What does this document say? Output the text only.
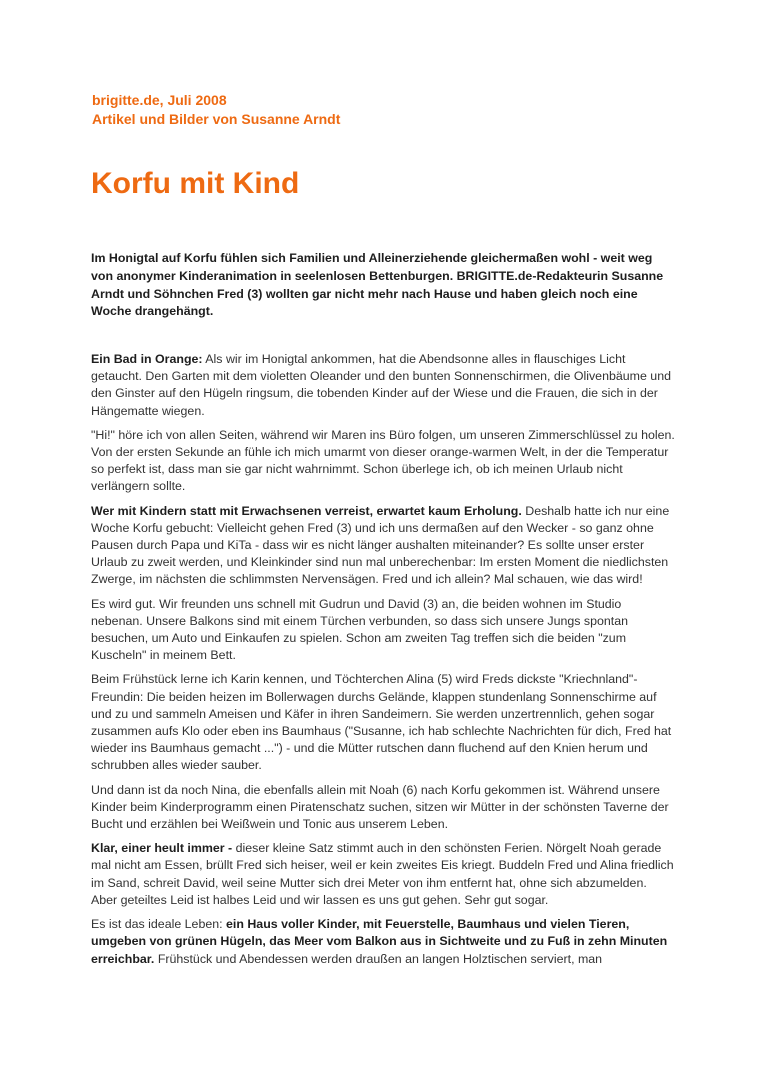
brigitte.de, Juli 2008
Artikel und Bilder von Susanne Arndt
Korfu mit Kind

Im Honigtal auf Korfu fühlen sich Familien und Alleinerziehende gleichermaßen wohl - weit weg von anonymer Kinderanimation in seelenlosen Bettenburgen. BRIGITTE.de-Redakteurin Susanne Arndt und Söhnchen Fred (3) wollten gar nicht mehr nach Hause und haben gleich noch eine Woche drangehängt.

Ein Bad in Orange: Als wir im Honigtal ankommen, hat die Abendsonne alles in flauschiges Licht getaucht. Den Garten mit dem violetten Oleander und den bunten Sonnenschirmen, die Olivenbäume und den Ginster auf den Hügeln ringsum, die tobenden Kinder auf der Wiese und die Frauen, die sich in der Hängematte wiegen.

"Hi!" höre ich von allen Seiten, während wir Maren ins Büro folgen, um unseren Zimmerschlüssel zu holen. Von der ersten Sekunde an fühle ich mich umarmt von dieser orange-warmen Welt, in der die Temperatur so perfekt ist, dass man sie gar nicht wahrnimmt. Schon überlege ich, ob ich meinen Urlaub nicht verlängern sollte.

Wer mit Kindern statt mit Erwachsenen verreist, erwartet kaum Erholung. Deshalb hatte ich nur eine Woche Korfu gebucht: Vielleicht gehen Fred (3) und ich uns dermaßen auf den Wecker - so ganz ohne Pausen durch Papa und KiTa - dass wir es nicht länger aushalten miteinander? Es sollte unser erster Urlaub zu zweit werden, und Kleinkinder sind nun mal unberechenbar: Im ersten Moment die niedlichsten Zwerge, im nächsten die schlimmsten Nervensägen. Fred und ich allein? Mal schauen, wie das wird!

Es wird gut. Wir freunden uns schnell mit Gudrun und David (3) an, die beiden wohnen im Studio nebenan. Unsere Balkons sind mit einem Türchen verbunden, so dass sich unsere Jungs spontan besuchen, um Auto und Einkaufen zu spielen. Schon am zweiten Tag treffen sich die beiden "zum Kuscheln" in meinem Bett.

Beim Frühstück lerne ich Karin kennen, und Töchterchen Alina (5) wird Freds dickste "Kriechnland"-Freundin: Die beiden heizen im Bollerwagen durchs Gelände, klappen stundenlang Sonnenschirme auf und zu und sammeln Ameisen und Käfer in ihren Sandeimern. Sie werden unzertrennlich, gehen sogar zusammen aufs Klo oder eben ins Baumhaus ("Susanne, ich hab schlechte Nachrichten für dich, Fred hat wieder ins Baumhaus gemacht ...") - und die Mütter rutschen dann fluchend auf den Knien herum und schrubben alles wieder sauber.

Und dann ist da noch Nina, die ebenfalls allein mit Noah (6) nach Korfu gekommen ist. Während unsere Kinder beim Kinderprogramm einen Piratenschatz suchen, sitzen wir Mütter in der schönsten Taverne der Bucht und erzählen bei Weißwein und Tonic aus unserem Leben.

Klar, einer heult immer - dieser kleine Satz stimmt auch in den schönsten Ferien. Nörgelt Noah gerade mal nicht am Essen, brüllt Fred sich heiser, weil er kein zweites Eis kriegt. Buddeln Fred und Alina friedlich im Sand, schreit David, weil seine Mutter sich drei Meter von ihm entfernt hat, ohne sich abzumelden. Aber geteiltes Leid ist halbes Leid und wir lassen es uns gut gehen. Sehr gut sogar.

Es ist das ideale Leben: ein Haus voller Kinder, mit Feuerstelle, Baumhaus und vielen Tieren, umgeben von grünen Hügeln, das Meer vom Balkon aus in Sichtweite und zu Fuß in zehn Minuten erreichbar. Frühstück und Abendessen werden draußen an langen Holztischen serviert, man
